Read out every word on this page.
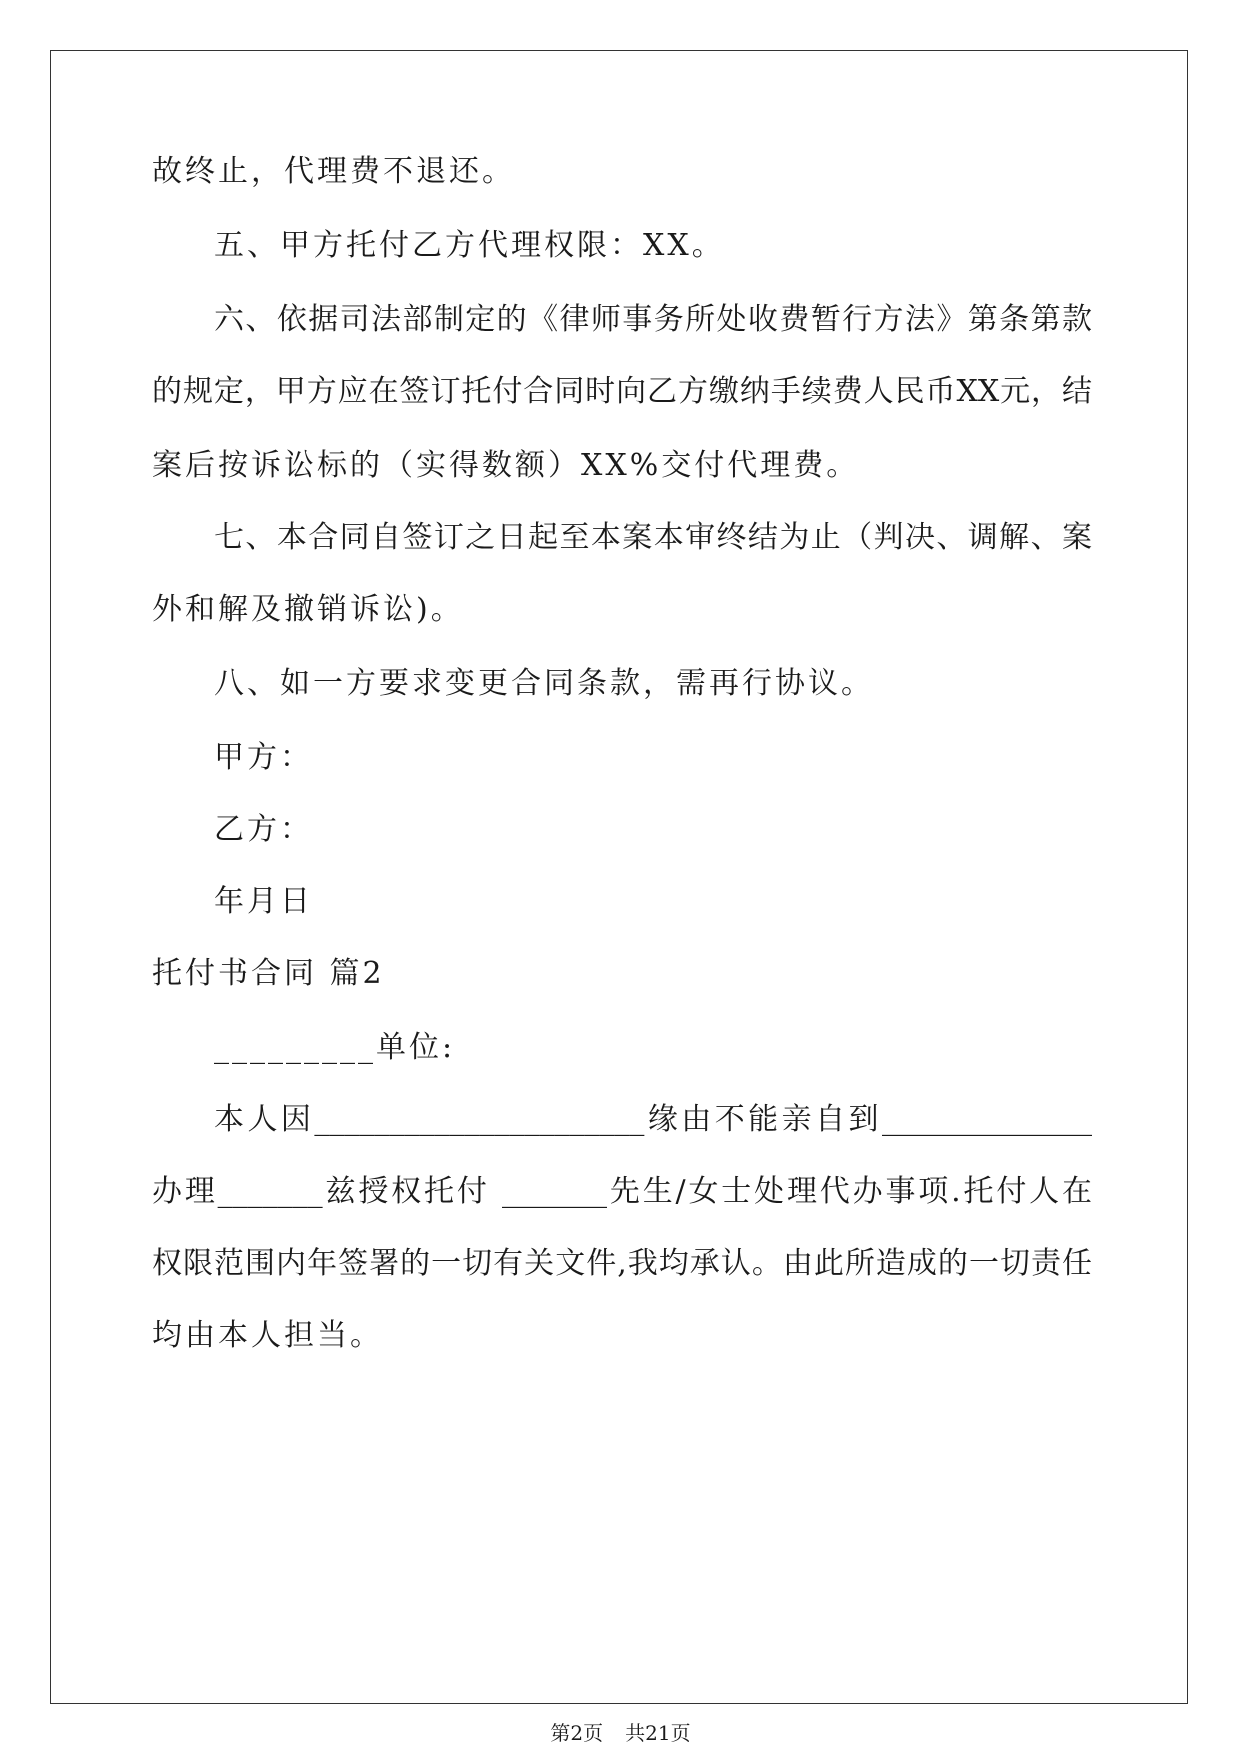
故终止，代理费不退还。
五、甲方托付乙方代理权限：XX。
六、依据司法部制定的《律师事务所处收费暂行方法》第条第款
的规定，甲方应在签订托付合同时向乙方缴纳手续费人民币XX元，结
案后按诉讼标的（实得数额）XX%交付代理费。
七、本合同自签订之日起至本案本审终结为止（判决、调解、案
外和解及撤销诉讼)。
八、如一方要求变更合同条款，需再行协议。
甲方：
乙方：
年月日
托付书合同 篇2
_________单位:
本人因______________________缘由不能亲自到______________
办理_______兹授权托付 _______先生/女士处理代办事项.托付人在
权限范围内年签署的一切有关文件,我均承认。由此所造成的一切责任
均由本人担当。
第2页 共21页
